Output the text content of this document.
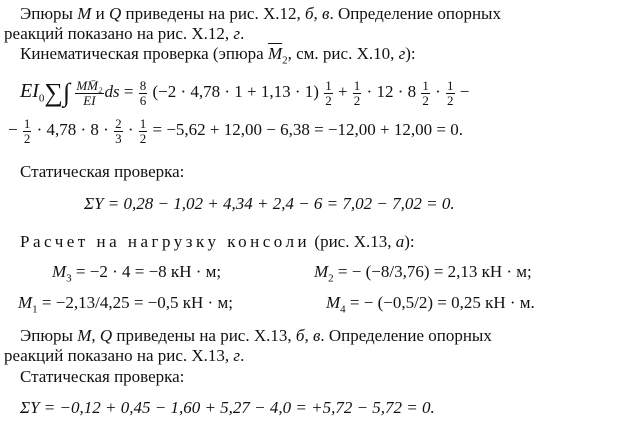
Эпюры M и Q приведены на рис. X.12, б, в. Определение опорных
реакций показано на рис. X.12, г.
Кинематическая проверка (эпюра $\overline{M}_2$, см. рис. X.10, г):
$EI_0\sum\int \frac{\text{MM̄₂}}{EI}$ ds = $\frac{8}{6} (-2 \cdot 4,78 \cdot 1 + 1,13 \cdot 1) \frac{1}{2} + \frac{1}{2} \cdot 12 \cdot 8 \frac{1}{2} \cdot \frac{1}{2}$ −
− $\frac{1}{2} \cdot 4,78 \cdot 8 \cdot \frac{2}{3} \cdot \frac{1}{2} = -5,62 + 12,00 - 6,38 = -12,00 + 12,00 = 0$.
Статическая проверка:
ΣY = 0,28 − 1,02 + 4,34 + 2,4 − 6 = 7,02 − 7,02 = 0.
Расчет на нагрузку консоли (рис. X.13, а):
$M_3 = -2 \cdot 4 = -8$ кН · м;	$M_2$ = − (−8/3,76) = 2,13 кН · м;
$M_1 = -2,13/4,25 = -0,5$ кН · м;	$M_4$ = − (−0,5/2) = 0,25 кН · м.
Эпюры M, Q приведены на рис. X.13, б, в. Определение опорных
реакций показано на рис. X.13, г.
Статическая проверка:
ΣY = −0,12 + 0,45 − 1,60 + 5,27 − 4,0 = +5,72 − 5,72 = 0.
